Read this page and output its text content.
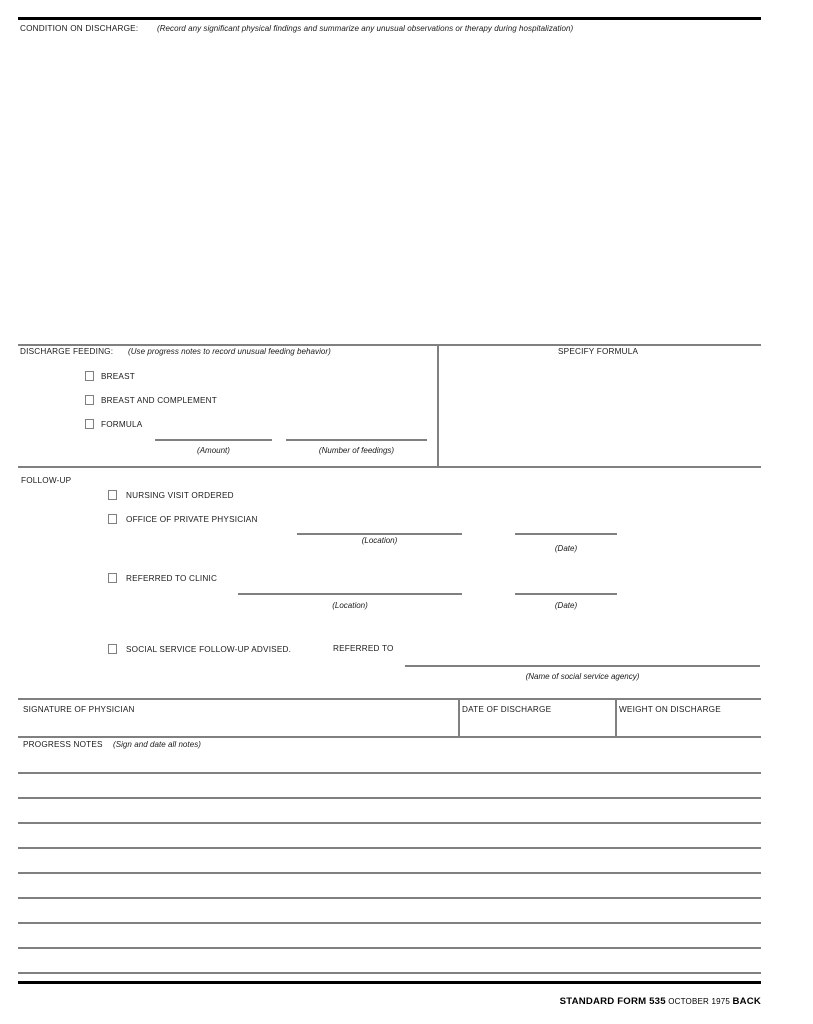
CONDITION ON DISCHARGE: (Record any significant physical findings and summarize any unusual observations or therapy during hospitalization)
DISCHARGE FEEDING: (Use progress notes to record unusual feeding behavior)	SPECIFY FORMULA
BREAST
BREAST AND COMPLEMENT
FORMULA
(Amount)	(Number of feedings)
FOLLOW-UP
NURSING VISIT ORDERED
OFFICE OF PRIVATE PHYSICIAN
(Location)
(Date)
REFERRED TO CLINIC
(Location)	(Date)
SOCIAL SERVICE FOLLOW-UP ADVISED.	REFERRED TO
(Name of social service agency)
SIGNATURE OF PHYSICIAN	DATE OF DISCHARGE	WEIGHT ON DISCHARGE
PROGRESS NOTES (Sign and date all notes)
STANDARD FORM 535 OCTOBER 1975 BACK
